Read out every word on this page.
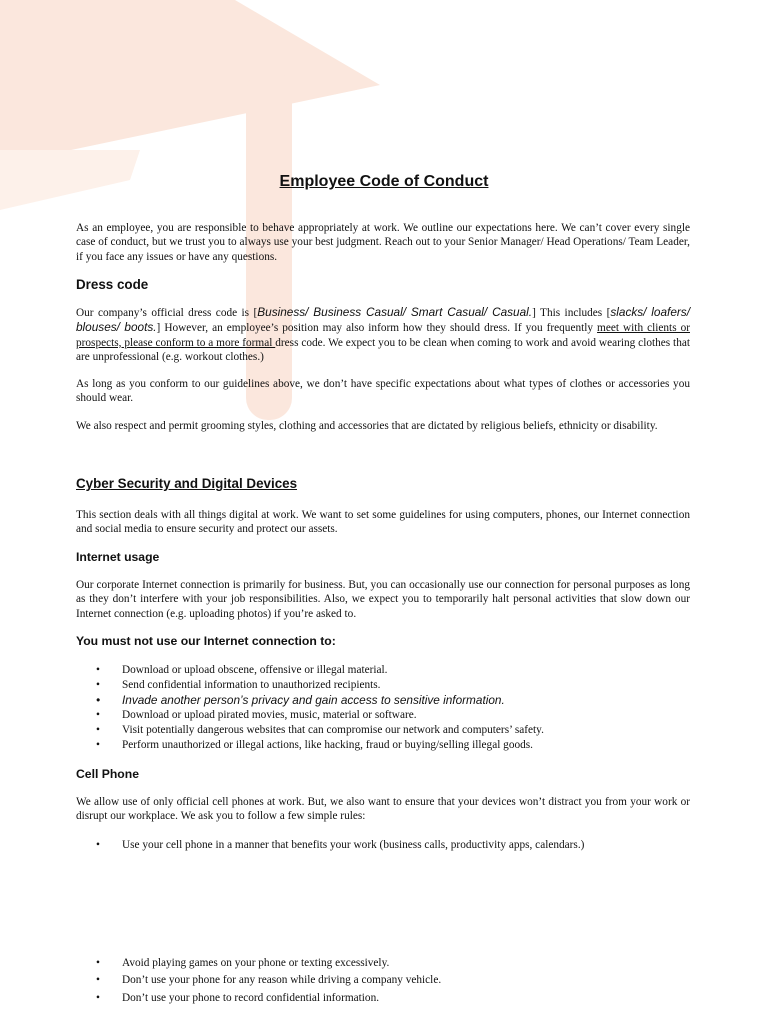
Employee Code of Conduct

As an employee, you are responsible to behave appropriately at work. We outline our expectations here. We can’t cover every single case of conduct, but we trust you to always use your best judgment. Reach out to your Senior Manager/ Head Operations/ Team Leader, if you face any issues or have any questions.

Dress code

Our company’s official dress code is [Business/ Business Casual/ Smart Casual/ Casual.] This includes [slacks/ loafers/ blouses/ boots.] However, an employee’s position may also inform how they should dress. If you frequently meet with clients or prospects, please conform to a more formal dress code. We expect you to be clean when coming to work and avoid wearing clothes that are unprofessional (e.g. workout clothes.)

As long as you conform to our guidelines above, we don’t have specific expectations about what types of clothes or accessories you should wear.

We also respect and permit grooming styles, clothing and accessories that are dictated by religious beliefs, ethnicity or disability.

Cyber Security and Digital Devices

This section deals with all things digital at work. We want to set some guidelines for using computers, phones, our Internet connection and social media to ensure security and protect our assets.

Internet usage

Our corporate Internet connection is primarily for business. But, you can occasionally use our connection for personal purposes as long as they don’t interfere with your job responsibilities. Also, we expect you to temporarily halt personal activities that slow down our Internet connection (e.g. uploading photos) if you’re asked to.

You must not use our Internet connection to:
• Download or upload obscene, offensive or illegal material.
• Send confidential information to unauthorized recipients.
• Invade another person’s privacy and gain access to sensitive information.
• Download or upload pirated movies, music, material or software.
• Visit potentially dangerous websites that can compromise our network and computers’ safety.
• Perform unauthorized or illegal actions, like hacking, fraud or buying/selling illegal goods.
Cell Phone

We allow use of only official cell phones at work. But, we also want to ensure that your devices won’t distract you from your work or disrupt our workplace. We ask you to follow a few simple rules:

• Use your cell phone in a manner that benefits your work (business calls, productivity apps, calendars.)
• Avoid playing games on your phone or texting excessively.
• Don’t use your phone for any reason while driving a company vehicle.
• Don’t use your phone to record confidential information.
